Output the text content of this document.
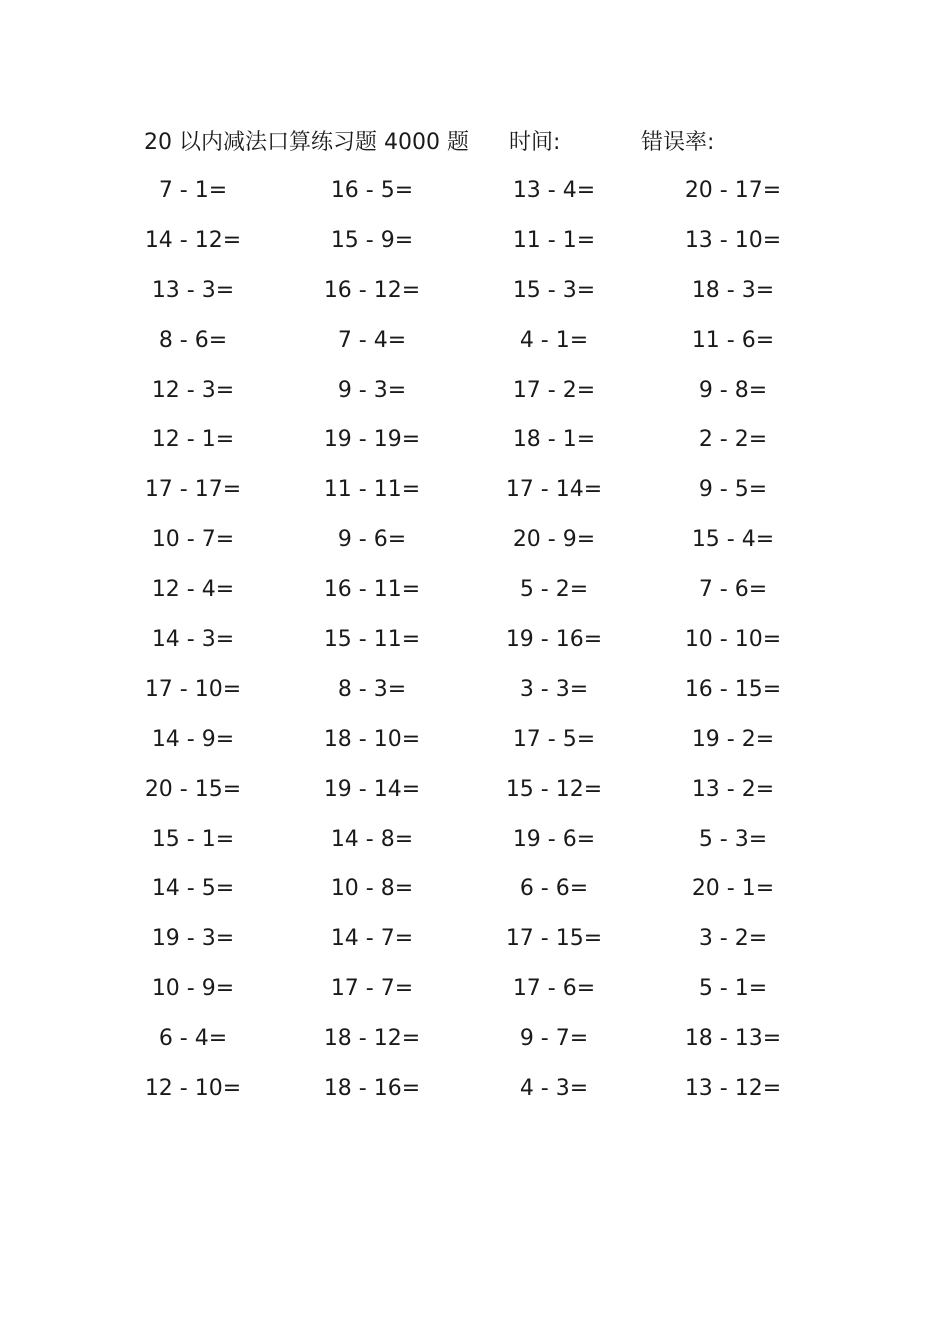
20 以内减法口算练习题 4000 题 时间:	错误率:
7 - 1=	16 - 5=	13 - 4=	20 - 17=
14 - 12=	15 - 9=	11 - 1=	13 - 10=
13 - 3=	16 - 12=	15 - 3=	18 - 3=
8 - 6=	7 - 4=	4 - 1=	11 - 6=
12 - 3=	9 - 3=	17 - 2=	9 - 8=
12 - 1=	19 - 19=	18 - 1=	2 - 2=
17 - 17=	11 - 11=	17 - 14=	9 - 5=
10 - 7=	9 - 6=	20 - 9=	15 - 4=
12 - 4=	16 - 11=	5 - 2=	7 - 6=
14 - 3=	15 - 11=	19 - 16=	10 - 10=
17 - 10=	8 - 3=	3 - 3=	16 - 15=
14 - 9=	18 - 10=	17 - 5=	19 - 2=
20 - 15=	19 - 14=	15 - 12=	13 - 2=
15 - 1=	14 - 8=	19 - 6=	5 - 3=
14 - 5=	10 - 8=	6 - 6=	20 - 1=
19 - 3=	14 - 7=	17 - 15=	3 - 2=
10 - 9=	17 - 7=	17 - 6=	5 - 1=
6 - 4=	18 - 12=	9 - 7=	18 - 13=
12 - 10=	18 - 16=	4 - 3=	13 - 12=
